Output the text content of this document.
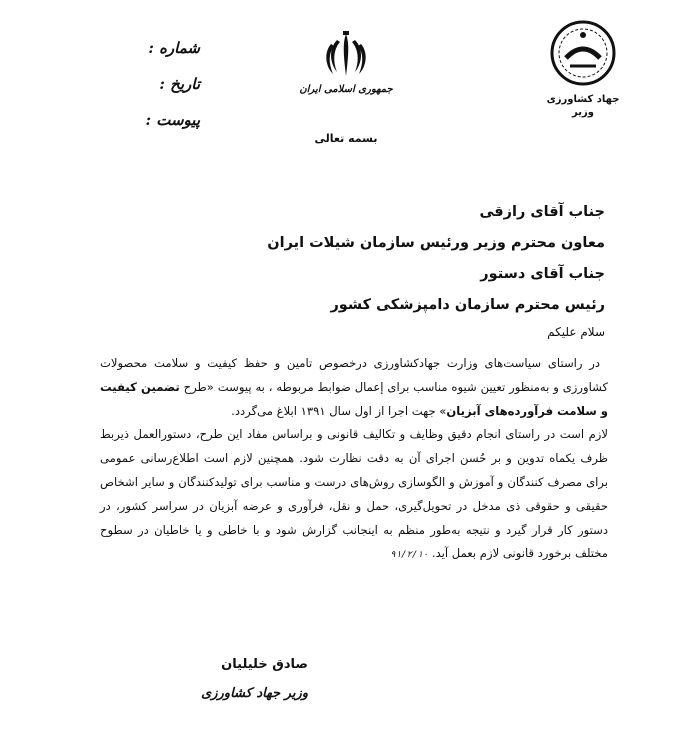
شماره :
تاریخ :
پیوست :
جمهوری اسلامی ایران
بسمه تعالی
جهاد کشاورزی
وزیر
جناب آقای رازقی
معاون محترم وزیر ورئیس سازمان شیلات ایران
جناب آقای دستور
رئیس محترم سازمان دامپزشکی کشور
سلام علیکم

در راستای سیاست‌های وزارت جهادکشاورزی درخصوص تامین و حفظ کیفیت و سلامت محصولات کشاورزی و به‌منظور تعیین شیوه مناسب برای إعمال ضوابط مربوطه ، به پیوست «طرح تضمین کیفیت و سلامت فرآورده‌های آبزیان» جهت اجرا از اول سال ۱۳۹۱ ابلاغ می‌گردد.

لازم است در راستای انجام دقیق وظایف و تکالیف قانونی و براساس مفاد این طرح، دستورالعمل ذیربط ظرف یکماه تدوین و بر حُسن اجرای آن به دقت نظارت شود. همچنین لازم است اطلاع‌رسانی عمومی برای مصرف کنندگان و آموزش و الگوسازی روش‌های درست و مناسب برای تولیدکنندگان و سایر اشخاص حقیقی و حقوقی ذی مدخل در تحویل‌گیری، حمل و نقل، فرآوری و عرضه آبزیان در سراسر کشور، در دستور کار قرار گیرد و نتیجه به‌طور منظم به اینجانب گزارش شود و با خاطی و یا خاطیان در سطوح مختلف برخورد قانونی لازم بعمل آید. ۹۱/۲/۱۰

صادق خلیلیان
وزیر جهاد کشاورزی
